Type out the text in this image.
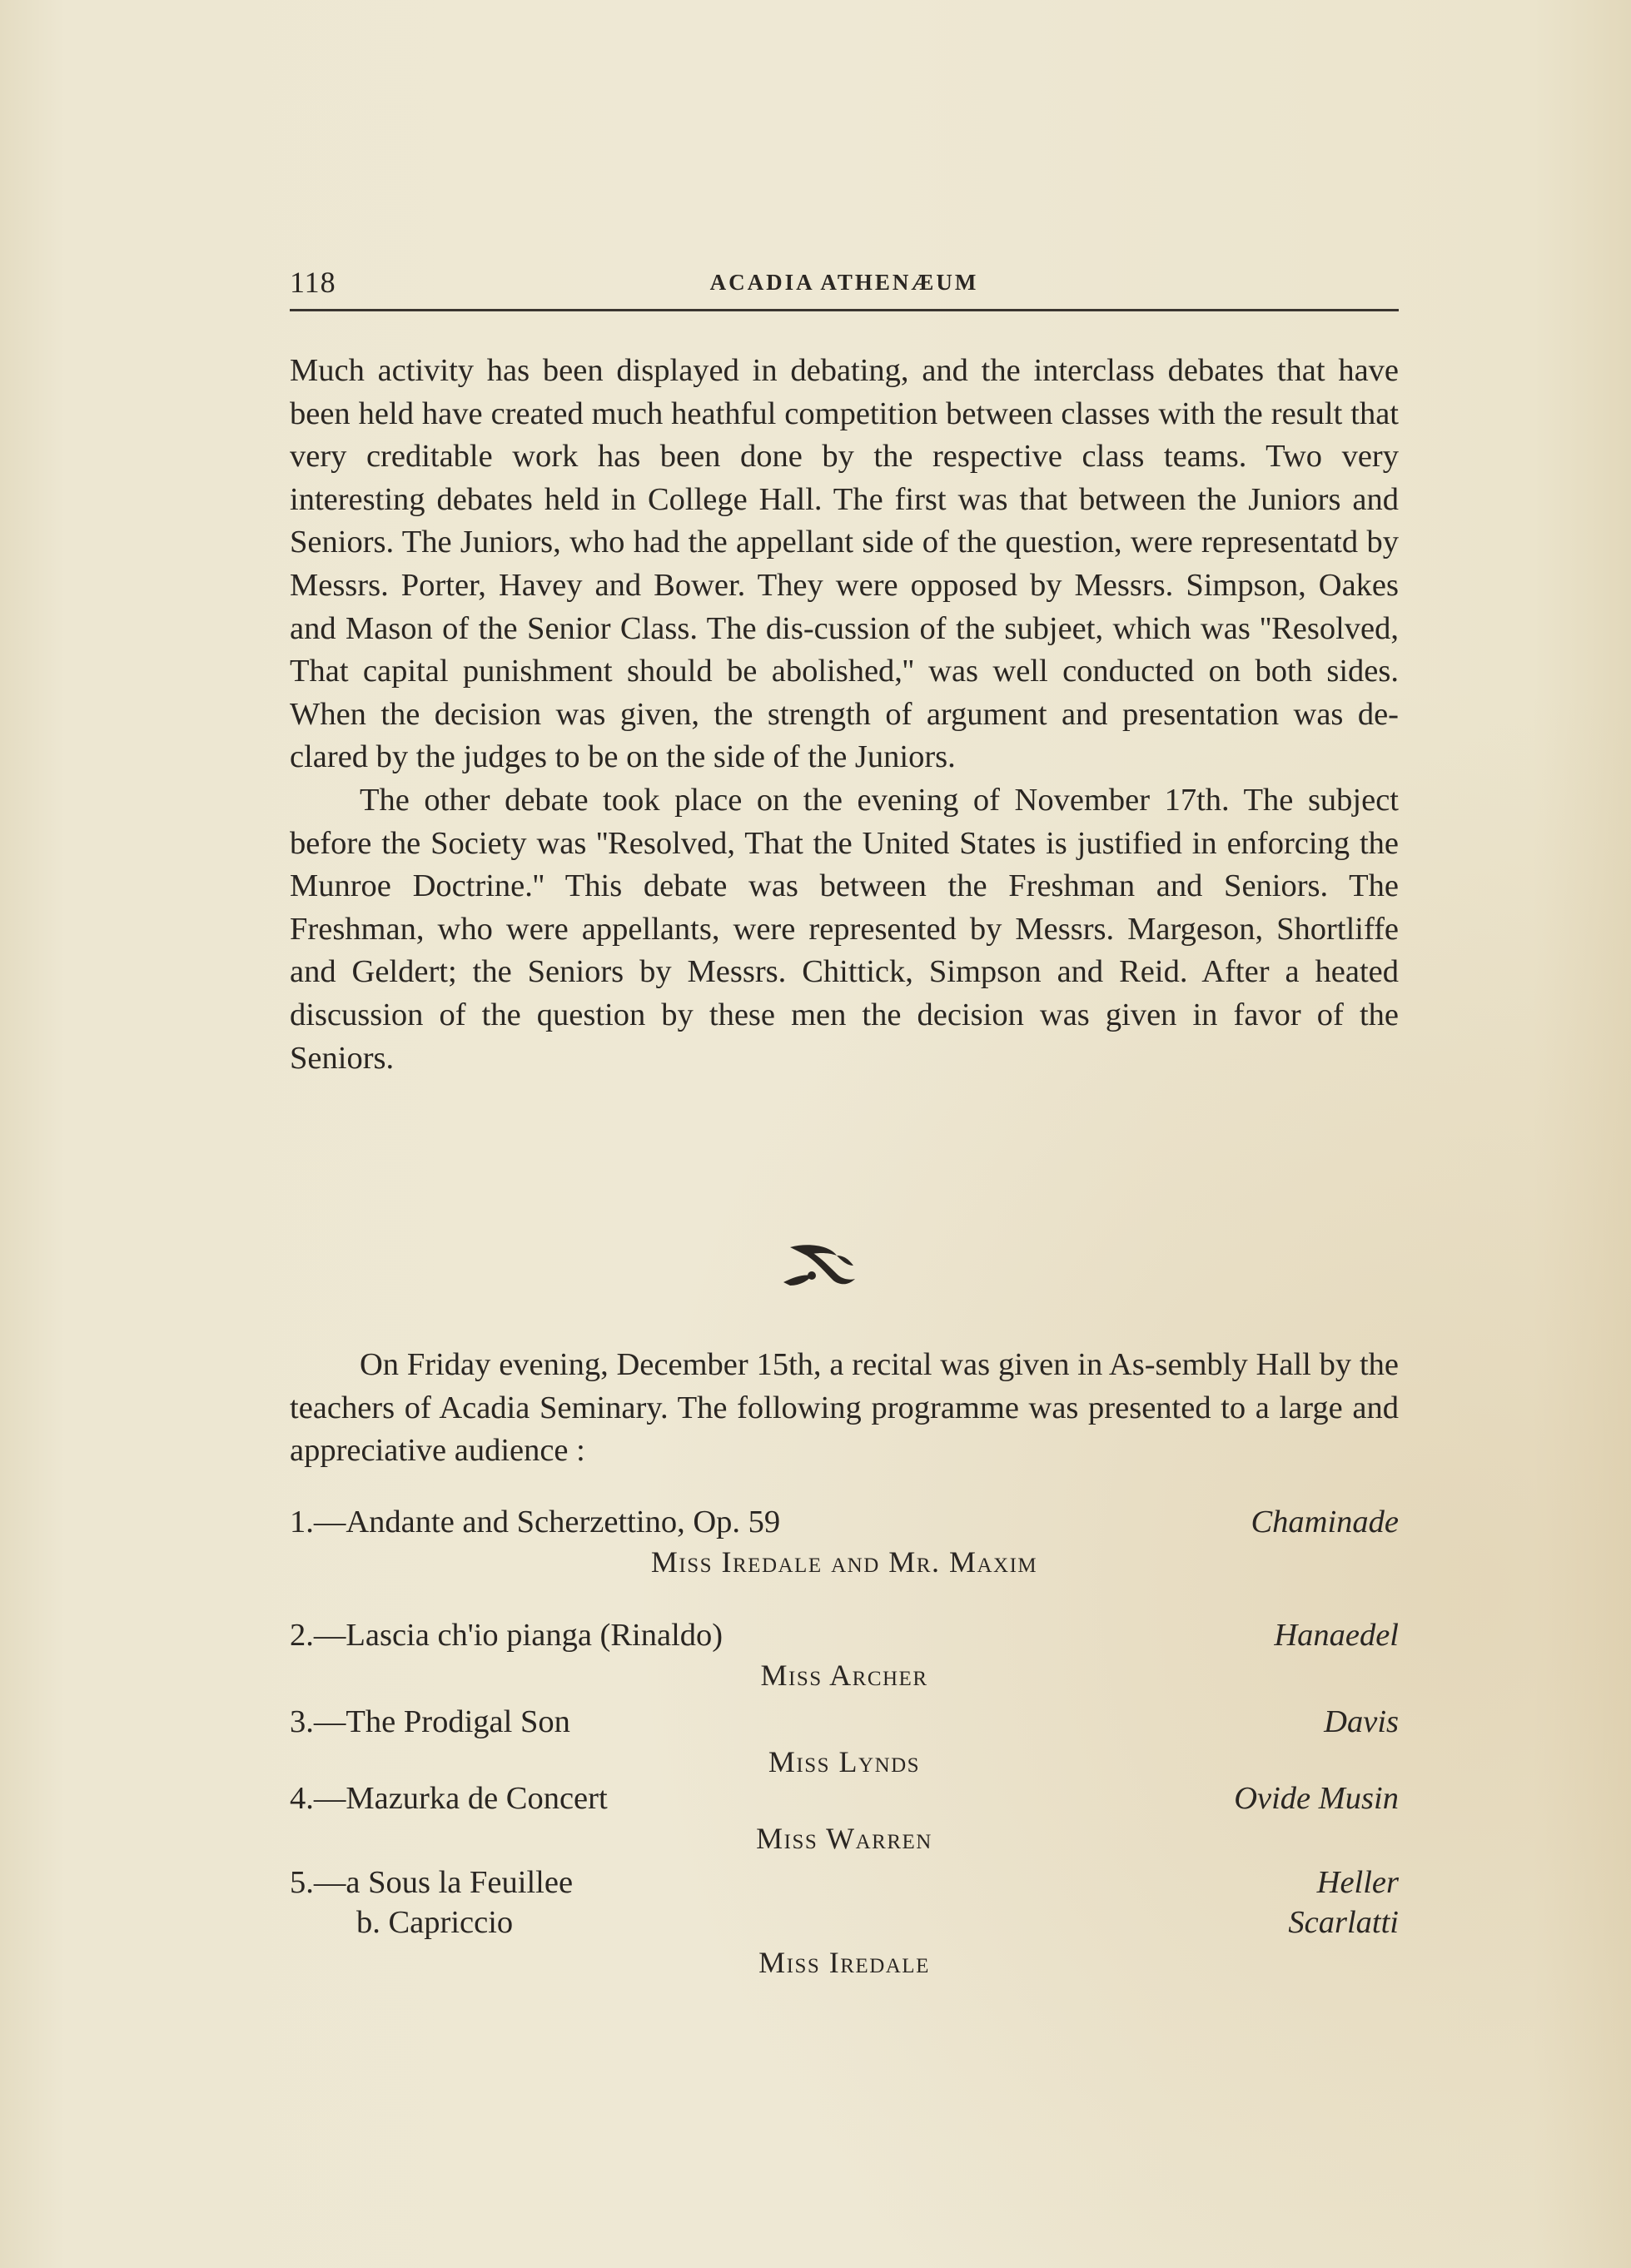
118	ACADIA ATHENÆUM

Much activity has been displayed in debating, and the interclass debates that have been held have created much heathful competition between classes with the result that very creditable work has been done by the respective class teams. Two very interesting debates held in College Hall. The first was that between the Juniors and Seniors. The Juniors, who had the appellant side of the question, were representatd by Messrs. Porter, Havey and Bower. They were opposed by Messrs. Simpson, Oakes and Mason of the Senior Class. The dis-cussion of the subjeet, which was ''Resolved, That capital punishment should be abolished,'' was well conducted on both sides. When the decision was given, the strength of argument and presentation was de-clared by the judges to be on the side of the Juniors.

The other debate took place on the evening of November 17th. The subject before the Society was ''Resolved, That the United States is justified in enforcing the Munroe Doctrine.'' This debate was between the Freshman and Seniors. The Freshman, who were appellants, were represented by Messrs. Margeson, Shortliffe and Geldert; the Seniors by Messrs. Chittick, Simpson and Reid. After a heated discussion of the question by these men the decision was given in favor of the Seniors.

On Friday evening, December 15th, a recital was given in As-sembly Hall by the teachers of Acadia Seminary. The following programme was presented to a large and appreciative audience :

1.—Andante and Scherzettino, Op. 59	Chaminade
Miss Iredale and Mr. Maxim
2.—Lascia ch'io pianga (Rinaldo)	Hanaedel
Miss Archer
3.—The Prodigal Son	Davis
Miss Lynds
4.—Mazurka de Concert	Ovide Musin
Miss Warren
5.—a Sous la Feuillee	Heller
b. Capriccio	Scarlatti
Miss Iredale
